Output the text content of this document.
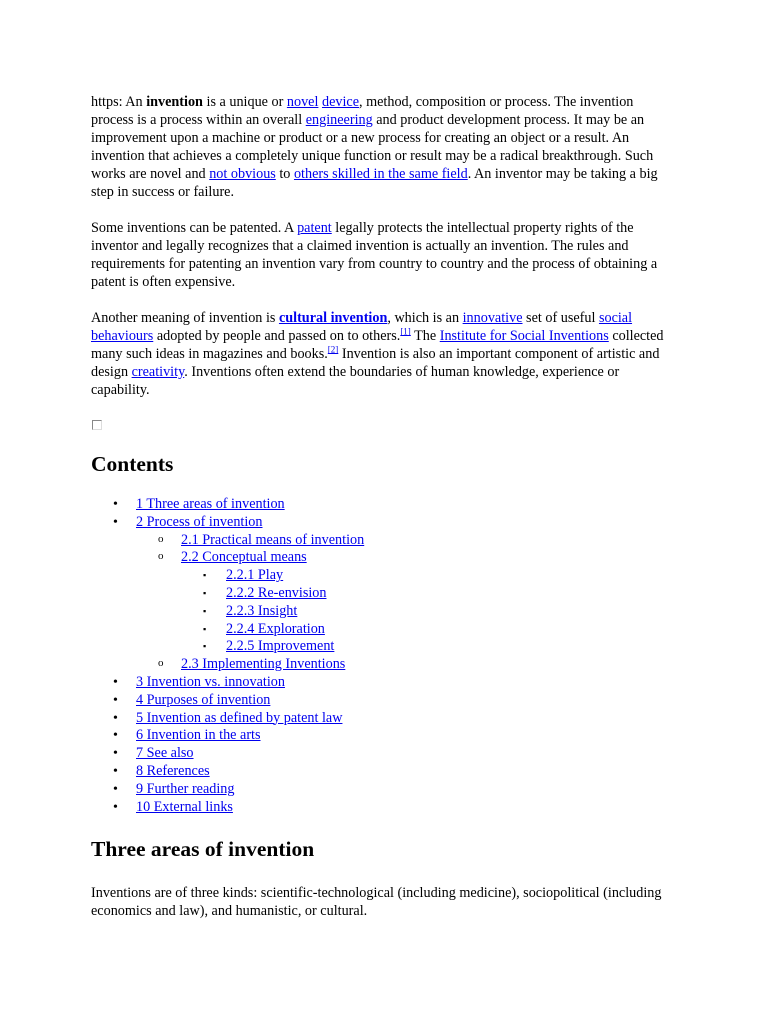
https: An invention is a unique or novel device, method, composition or process. The invention process is a process within an overall engineering and product development process. It may be an improvement upon a machine or product or a new process for creating an object or a result. An invention that achieves a completely unique function or result may be a radical breakthrough. Such works are novel and not obvious to others skilled in the same field. An inventor may be taking a big step in success or failure.

Some inventions can be patented. A patent legally protects the intellectual property rights of the inventor and legally recognizes that a claimed invention is actually an invention. The rules and requirements for patenting an invention vary from country to country and the process of obtaining a patent is often expensive.

Another meaning of invention is cultural invention, which is an innovative set of useful social behaviours adopted by people and passed on to others.[1] The Institute for Social Inventions collected many such ideas in magazines and books.[2] Invention is also an important component of artistic and design creativity. Inventions often extend the boundaries of human knowledge, experience or capability.

Contents
• 1 Three areas of invention
• 2 Process of invention
o 2.1 Practical means of invention
o 2.2 Conceptual means
▪ 2.2.1 Play
▪ 2.2.2 Re-envision
▪ 2.2.3 Insight
▪ 2.2.4 Exploration
▪ 2.2.5 Improvement
o 2.3 Implementing Inventions
• 3 Invention vs. innovation
• 4 Purposes of invention
• 5 Invention as defined by patent law
• 6 Invention in the arts
• 7 See also
• 8 References
• 9 Further reading
• 10 External links
Three areas of invention

Inventions are of three kinds: scientific-technological (including medicine), sociopolitical (including economics and law), and humanistic, or cultural.
